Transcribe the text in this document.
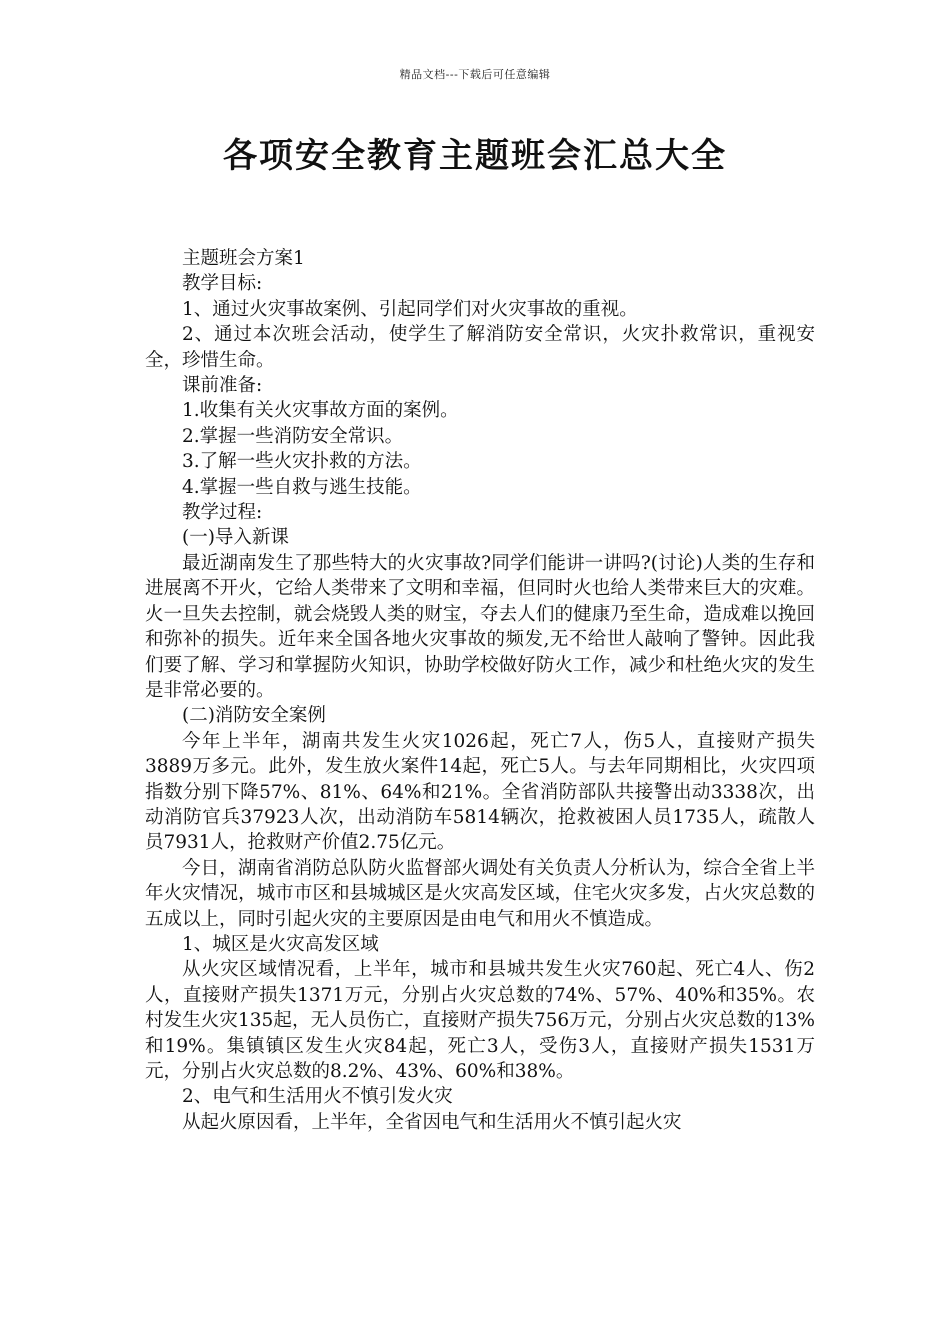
精品文档---下载后可任意编辑
各项安全教育主题班会汇总大全

主题班会方案1

教学目标:

1、通过火灾事故案例、引起同学们对火灾事故的重视。

2、通过本次班会活动，使学生了解消防安全常识，火灾扑救常识，重视安全，珍惜生命。

课前准备:

1.收集有关火灾事故方面的案例。

2.掌握一些消防安全常识。

3.了解一些火灾扑救的方法。

4.掌握一些自救与逃生技能。

教学过程:

(一)导入新课

最近湖南发生了那些特大的火灾事故?同学们能讲一讲吗?(讨论)人类的生存和进展离不开火，它给人类带来了文明和幸福，但同时火也给人类带来巨大的灾难。火一旦失去控制，就会烧毁人类的财宝，夺去人们的健康乃至生命，造成难以挽回和弥补的损失。近年来全国各地火灾事故的频发,无不给世人敲响了警钟。因此我们要了解、学习和掌握防火知识，协助学校做好防火工作，减少和杜绝火灾的发生是非常必要的。

(二)消防安全案例

今年上半年，湖南共发生火灾1026起，死亡7人，伤5人，直接财产损失3889万多元。此外，发生放火案件14起，死亡5人。与去年同期相比，火灾四项指数分别下降57%、81%、64%和21%。全省消防部队共接警出动3338次，出动消防官兵37923人次，出动消防车5814辆次，抢救被困人员1735人，疏散人员7931人，抢救财产价值2.75亿元。

今日，湖南省消防总队防火监督部火调处有关负责人分析认为，综合全省上半年火灾情况，城市市区和县城城区是火灾高发区域，住宅火灾多发，占火灾总数的五成以上，同时引起火灾的主要原因是由电气和用火不慎造成。

1、城区是火灾高发区域

从火灾区域情况看，上半年，城市和县城共发生火灾760起、死亡4人、伤2人，直接财产损失1371万元，分别占火灾总数的74%、57%、40%和35%。农村发生火灾135起，无人员伤亡，直接财产损失756万元，分别占火灾总数的13%和19%。集镇镇区发生火灾84起，死亡3人，受伤3人，直接财产损失1531万元，分别占火灾总数的8.2%、43%、60%和38%。

2、电气和生活用火不慎引发火灾

从起火原因看，上半年，全省因电气和生活用火不慎引起火灾
